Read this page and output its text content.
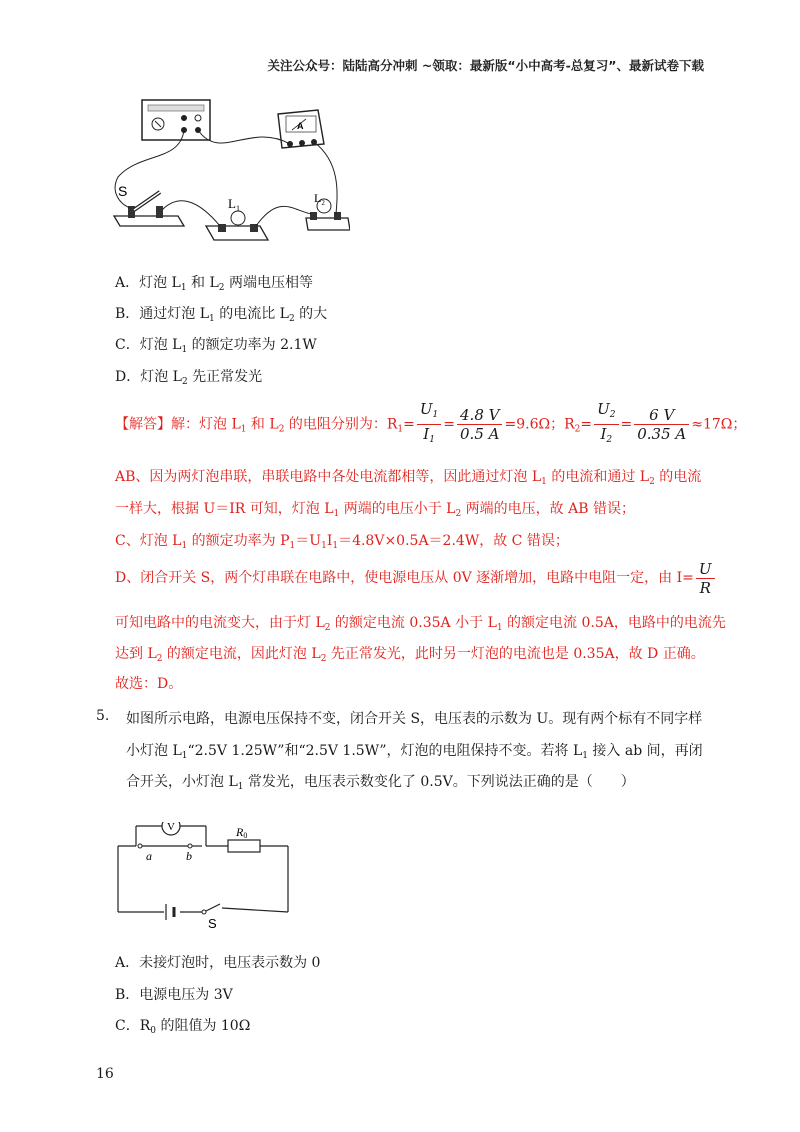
关注公众号：陆陆高分冲刺 ~领取：最新版“小中高考-总复习”、最新试卷下载
A
S
$L_1$
$L_2$
A．灯泡 $L_1$ 和 $L_2$ 两端电压相等
B．通过灯泡 $L_1$ 的电流比 $L_2$ 的大
C．灯泡 $L_1$ 的额定功率为 2.1W
D．灯泡 $L_2$ 先正常发光
【解答】解：灯泡 $L_1$ 和 $L_2$ 的电阻分别为：$R_1= \frac{U_1}{I_1} = \frac{4.8 V}{0.5 A} =9.6\Omega$；$R_2= \frac{U_2}{I_2} = \frac{6 V}{0.35 A} \approx 17\Omega$；
AB、因为两灯泡串联，串联电路中各处电流都相等，因此通过灯泡 $L_1$ 的电流和通过 $L_2$ 的电流
一样大，根据 U＝IR 可知，灯泡 $L_1$ 两端的电压小于 $L_2$ 两端的电压，故 AB 错误；
C、灯泡 $L_1$ 的额定功率为 $P_1=U_1I_1=4.8V\times 0.5A=2.4W$，故 C 错误；
D、闭合开关 S，两个灯串联在电路中，使电源电压从 0V 逐渐增加，电路中电阻一定，由 $I= \frac{U}{R}$
可知电路中的电流变大，由于灯 $L_2$ 的额定电流 0.35A 小于 $L_1$ 的额定电流 0.5A，电路中的电流先
达到 $L_2$ 的额定电流，因此灯泡 $L_2$ 先正常发光，此时另一灯泡的电流也是 0.35A，故 D 正确。
故选：D。
5. 如图所示电路，电源电压保持不变，闭合开关 S，电压表的示数为 U。现有两个标有不同字样
小灯泡 $L_1“2.5V$ 1.25W”和“2.5V 1.5W”，灯泡的电阻保持不变。若将 $L_1$ 接入 ab 间，再闭
合开关，小灯泡 $L_1$ 常发光，电压表示数变化了 0.5V。下列说法正确的是（　　）
V
a	b
R0
S
A．未接灯泡时，电压表示数为 0
B．电源电压为 3V
C．$R_0$ 的阻值为 10Ω
16
